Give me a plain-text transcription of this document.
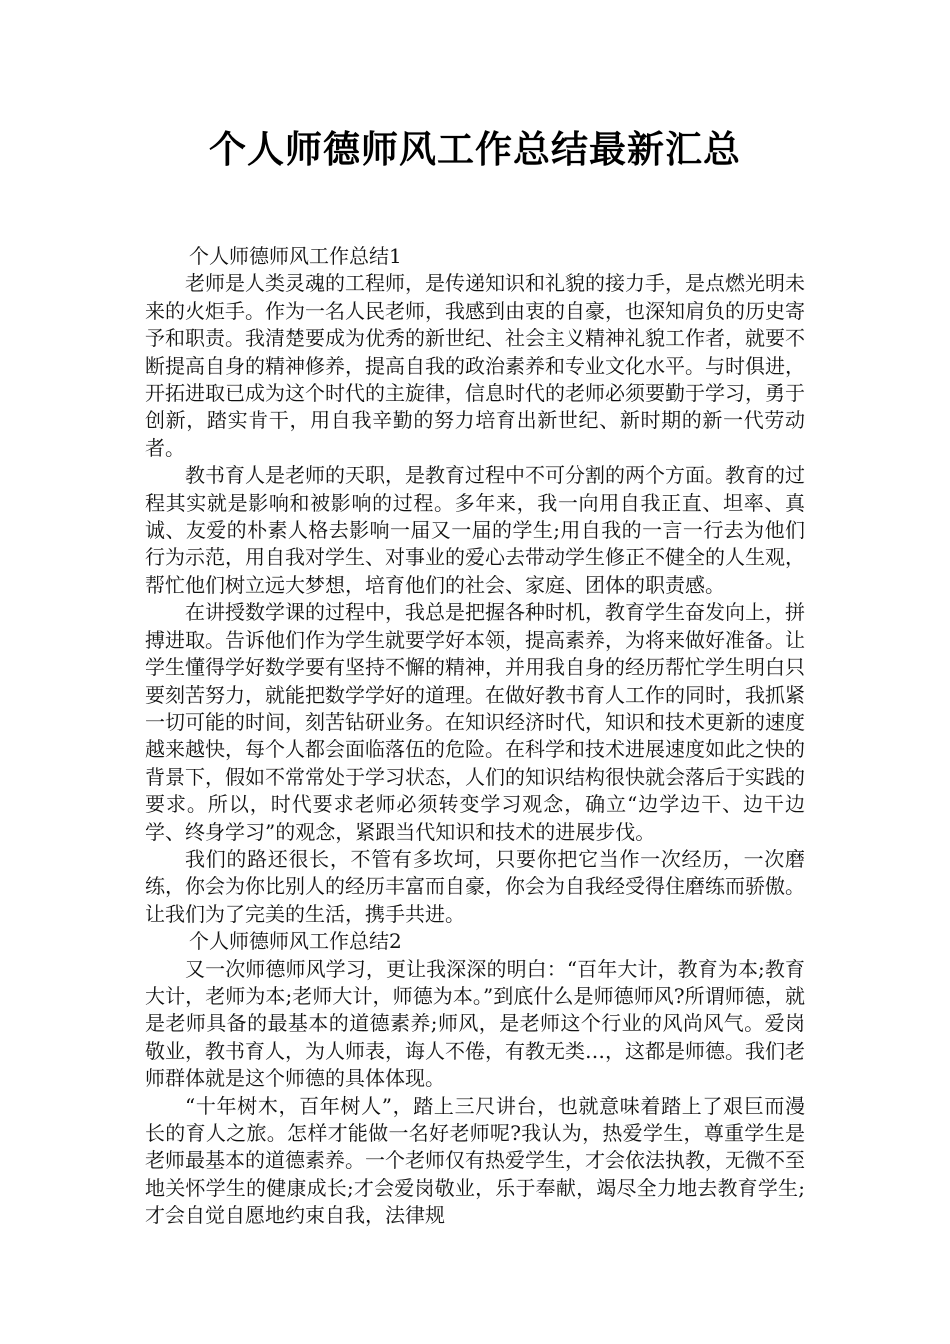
个人师德师风工作总结最新汇总

个人师德师风工作总结1

老师是人类灵魂的工程师，是传递知识和礼貌的接力手，是点燃光明未来的火炬手。作为一名人民老师，我感到由衷的自豪，也深知肩负的历史寄予和职责。我清楚要成为优秀的新世纪、社会主义精神礼貌工作者，就要不断提高自身的精神修养，提高自我的政治素养和专业文化水平。与时俱进，开拓进取已成为这个时代的主旋律，信息时代的老师必须要勤于学习，勇于创新，踏实肯干，用自我辛勤的努力培育出新世纪、新时期的新一代劳动者。

教书育人是老师的天职，是教育过程中不可分割的两个方面。教育的过程其实就是影响和被影响的过程。多年来，我一向用自我正直、坦率、真诚、友爱的朴素人格去影响一届又一届的学生;用自我的一言一行去为他们行为示范，用自我对学生、对事业的爱心去带动学生修正不健全的人生观，帮忙他们树立远大梦想，培育他们的社会、家庭、团体的职责感。

在讲授数学课的过程中，我总是把握各种时机，教育学生奋发向上，拼搏进取。告诉他们作为学生就要学好本领，提高素养，为将来做好准备。让学生懂得学好数学要有坚持不懈的精神，并用我自身的经历帮忙学生明白只要刻苦努力，就能把数学学好的道理。在做好教书育人工作的同时，我抓紧一切可能的时间，刻苦钻研业务。在知识经济时代，知识和技术更新的速度越来越快，每个人都会面临落伍的危险。在科学和技术进展速度如此之快的背景下，假如不常常处于学习状态，人们的知识结构很快就会落后于实践的要求。所以，时代要求老师必须转变学习观念，确立“边学边干、边干边学、终身学习”的观念，紧跟当代知识和技术的进展步伐。

我们的路还很长，不管有多坎坷，只要你把它当作一次经历，一次磨练，你会为你比别人的经历丰富而自豪，你会为自我经受得住磨练而骄傲。让我们为了完美的生活，携手共进。

个人师德师风工作总结2

又一次师德师风学习，更让我深深的明白：“百年大计，教育为本;教育大计，老师为本;老师大计，师德为本。”到底什么是师德师风?所谓师德，就是老师具备的最基本的道德素养;师风，是老师这个行业的风尚风气。爱岗敬业，教书育人，为人师表，诲人不倦，有教无类…，这都是师德。我们老师群体就是这个师德的具体体现。

“十年树木，百年树人”，踏上三尺讲台，也就意味着踏上了艰巨而漫长的育人之旅。怎样才能做一名好老师呢?我认为，热爱学生，尊重学生是老师最基本的道德素养。一个老师仅有热爱学生，才会依法执教，无微不至地关怀学生的健康成长;才会爱岗敬业，乐于奉献，竭尽全力地去教育学生;才会自觉自愿地约束自我，法律规
